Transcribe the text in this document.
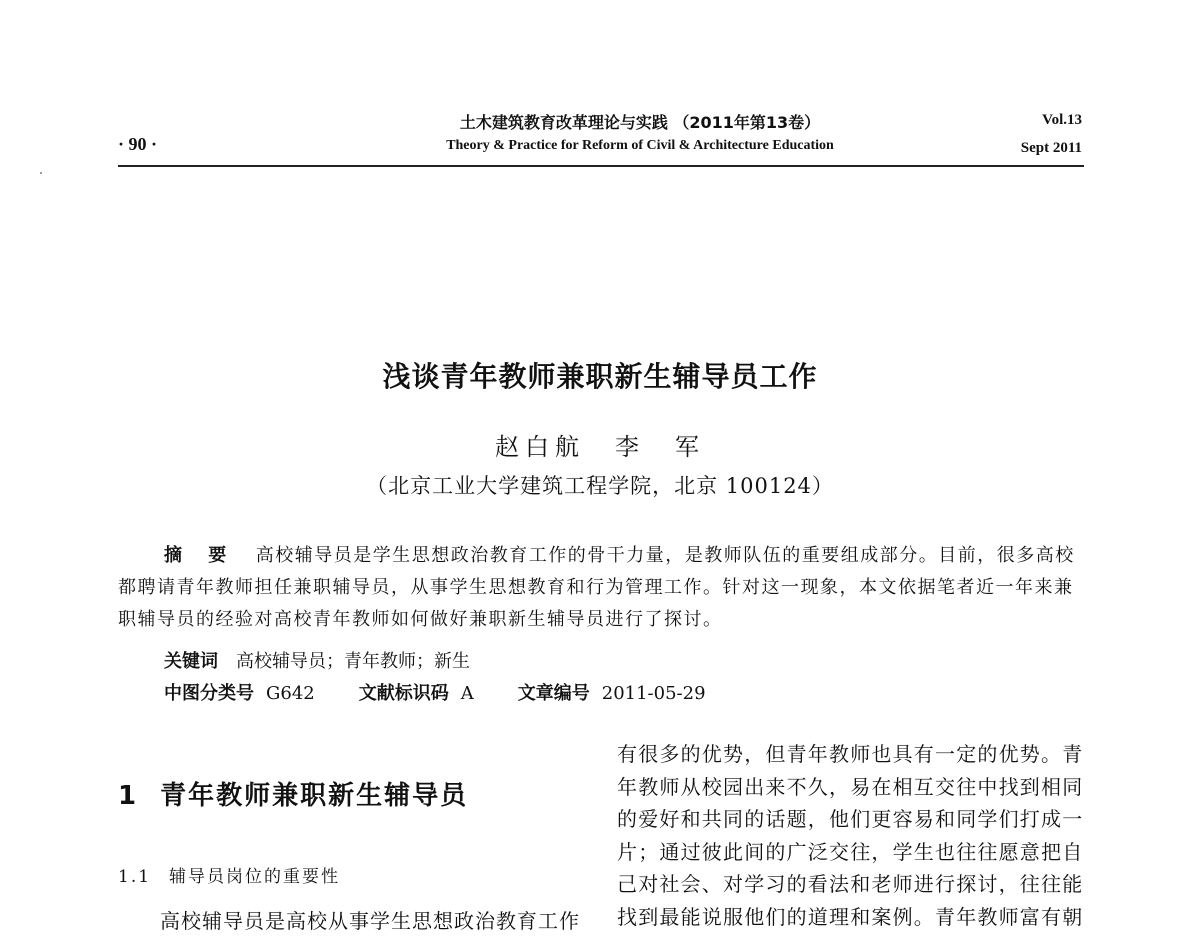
· 90 ·
土木建筑教育改革理论与实践 （2011年第13卷）
Theory & Practice for Reform of Civil & Architecture Education
Vol.13
Sept 2011
浅谈青年教师兼职新生辅导员工作
赵白航　李　军
（北京工业大学建筑工程学院，北京 100124）
摘 要　 高校辅导员是学生思想政治教育工作的骨干力量，是教师队伍的重要组成部分。目前，很多高校都聘请青年教师担任兼职辅导员，从事学生思想教育和行为管理工作。针对这一现象，本文依据笔者近一年来兼职辅导员的经验对高校青年教师如何做好兼职新生辅导员进行了探讨。
关键词 高校辅导员；青年教师；新生
中图分类号 G642 文献标识码 A 文章编号 2011-05-29
1 青年教师兼职新生辅导员
1.1 辅导员岗位的重要性
高校辅导员是高校从事学生思想政治教育工作
有很多的优势，但青年教师也具有一定的优势。青
年教师从校园出来不久，易在相互交往中找到相同
的爱好和共同的话题，他们更容易和同学们打成一
片；通过彼此间的广泛交往，学生也往往愿意把自
己对社会、对学习的看法和老师进行探讨，往往能
找到最能说服他们的道理和案例。青年教师富有朝
